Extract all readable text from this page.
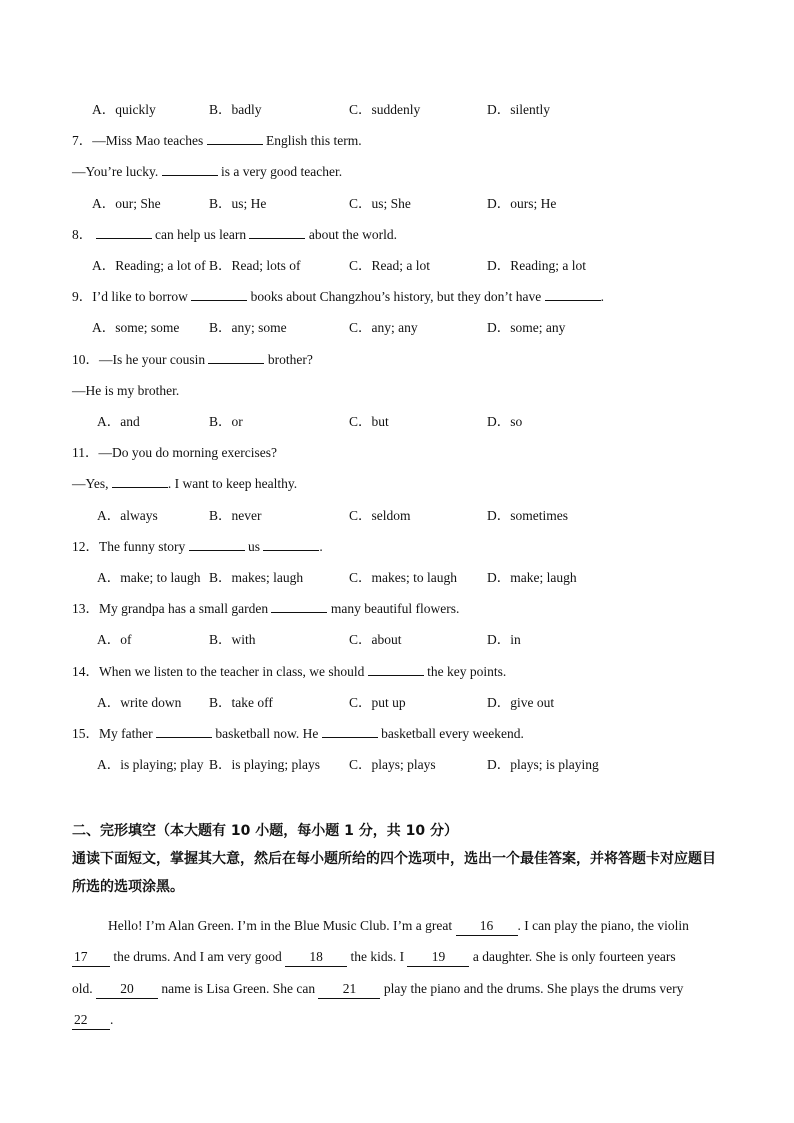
A．quickly	B．badly	C．suddenly	D．silently
7．—Miss Mao teaches	English this term.
—You’re lucky.	is a very good teacher.
A．our; She	B．us; He	C．us; She	D．ours; He
8．	can help us learn	about the world.
A．Reading; a lot of B．Read; lots of	C．Read; a lot	D．Reading; a lot
9．I’d like to borrow	books about Changzhou’s history, but they don’t have	.
A．some; some B．any; some	C．any; any	D．some; any
10．—Is he your cousin	brother?
—He is my brother.
A．and	B．or	C．but	D．so
11．—Do you do morning exercises?
—Yes,	. I want to keep healthy.
A．always	B．never	C．seldom	D．sometimes
12．The funny story	us	.
A．make; to laugh B．makes; laugh	C．makes; to laugh D．make; laugh
13．My grandpa has a small garden	many beautiful flowers.
A．of	B．with	C．about	D．in
14．When we listen to the teacher in class, we should	the key points.
A．write down B．take off	C．put up	D．give out
15．My father	basketball now. He	basketball every weekend.
A．is playing; play B．is playing; plays C．plays; plays	D．plays; is playing
二、完形填空（本大题有 10 小题，每小题 1 分，共 10 分）
通读下面短文，掌握其大意，然后在每小题所给的四个选项中，选出一个最佳答案，并将答题卡对应题目所选的选项涂黑。
Hello! I’m Alan Green. I’m in the Blue Music Club. I’m a great 16 . I can play the piano, the violin
17 the drums. And I am very good 18 the kids. I 19 a daughter. She is only fourteen years
old. 20 name is Lisa Green. She can 21 play the piano and the drums. She plays the drums very
22 .
